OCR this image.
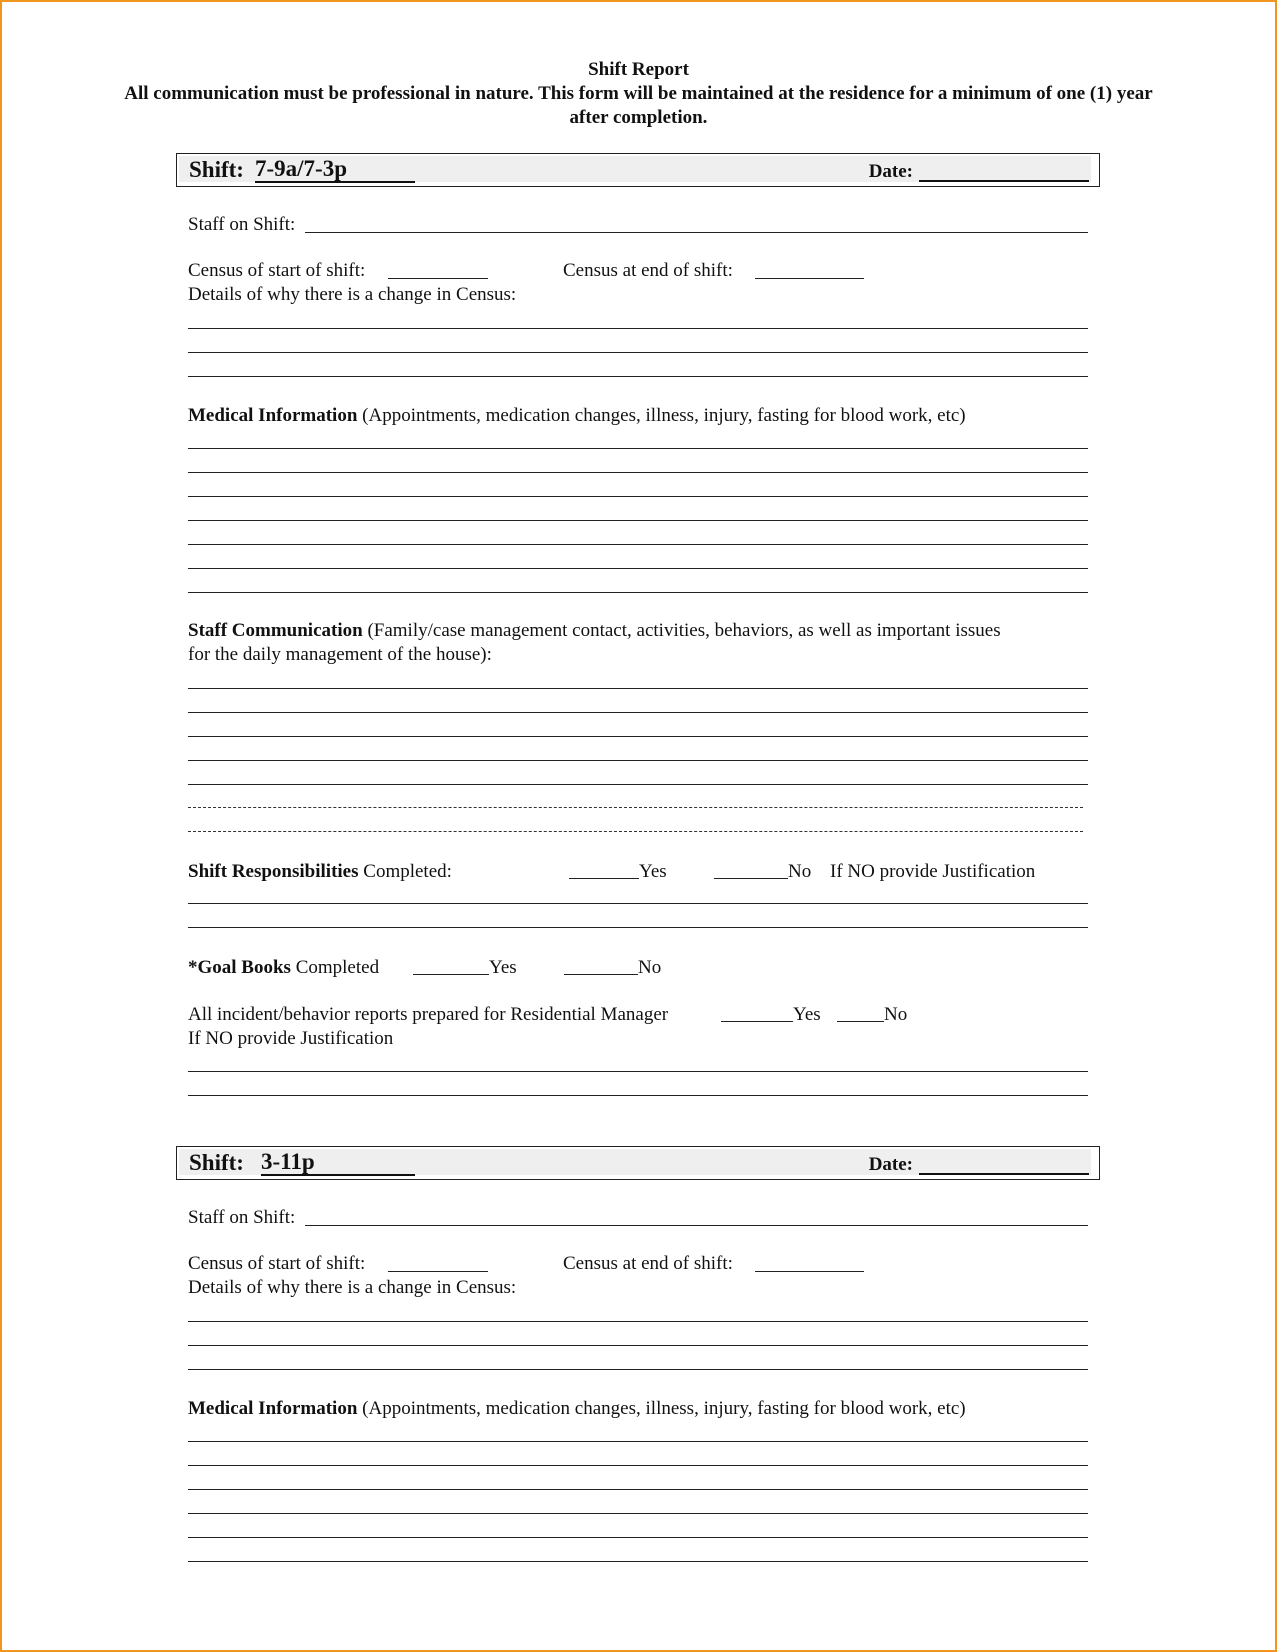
Shift Report
All communication must be professional in nature. This form will be maintained at the residence for a minimum of one (1) year
after completion.
Shift: 7-9a/7-3p	Date:
Staff on Shift:
Census of start of shift:	Census at end of shift:
Details of why there is a change in Census:
Medical Information (Appointments, medication changes, illness, injury, fasting for blood work, etc)
Staff Communication (Family/case management contact, activities, behaviors, as well as important issues
for the daily management of the house):
Shift Responsibilities Completed:	Yes	No If NO provide Justification
*Goal Books Completed	Yes	No
All incident/behavior reports prepared for Residential Manager	Yes	No
If NO provide Justification
Shift: 3-11p	Date:
Staff on Shift:
Census of start of shift:	Census at end of shift:
Details of why there is a change in Census:
Medical Information (Appointments, medication changes, illness, injury, fasting for blood work, etc)
